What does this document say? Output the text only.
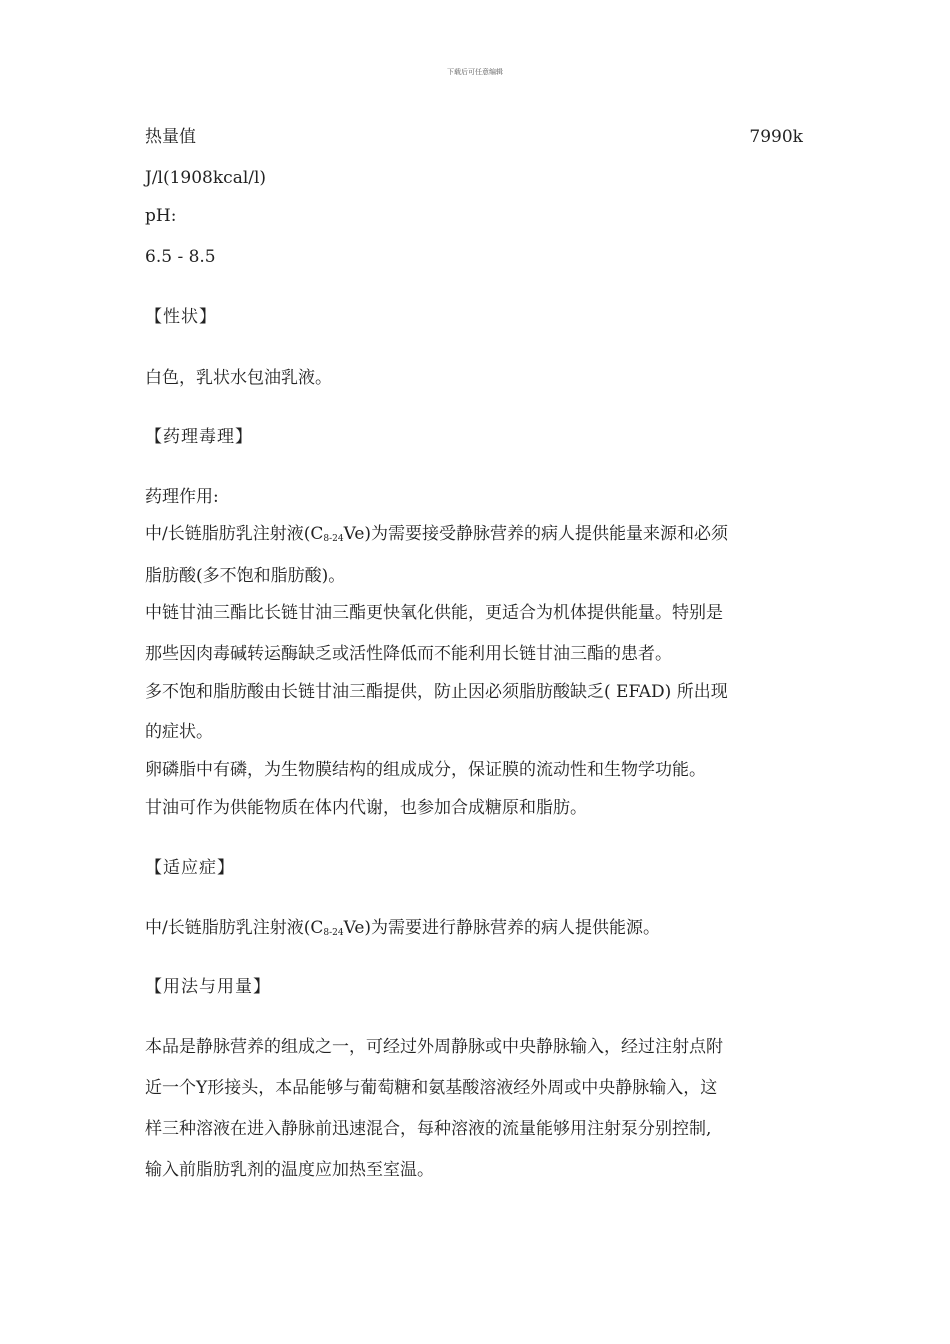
下载后可任意编辑
热量值	7990k
J/l(1908kcal/l)
pH:
6.5 - 8.5
【性状】
白色，乳状水包油乳液。
【药理毒理】
药理作用:
中/长链脂肪乳注射液$(C_{8-24}Ve)$为需要接受静脉营养的病人提供能量来源和必须
脂肪酸(多不饱和脂肪酸)。
中链甘油三酯比长链甘油三酯更快氧化供能，更适合为机体提供能量。特别是
那些因肉毒碱转运酶缺乏或活性降低而不能利用长链甘油三酯的患者。
多不饱和脂肪酸由长链甘油三酯提供，防止因必须脂肪酸缺乏( EFAD) 所出现
的症状。
卵磷脂中有磷，为生物膜结构的组成成分，保证膜的流动性和生物学功能。
甘油可作为供能物质在体内代谢，也参加合成糖原和脂肪。
【适应症】
中/长链脂肪乳注射液$(C_{8-24}Ve)$为需要进行静脉营养的病人提供能源。
【用法与用量】
本品是静脉营养的组成之一，可经过外周静脉或中央静脉输入，经过注射点附
近一个Y形接头，本品能够与葡萄糖和氨基酸溶液经外周或中央静脉输入，这
样三种溶液在进入静脉前迅速混合，每种溶液的流量能够用注射泵分别控制,
输入前脂肪乳剂的温度应加热至室温。
